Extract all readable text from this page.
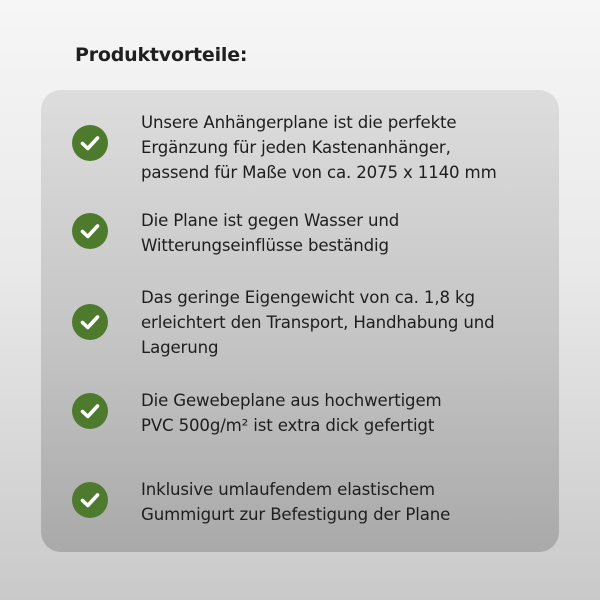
Produktvorteile:
Unsere Anhängerplane ist die perfekte
Ergänzung für jeden Kastenanhänger,
passend für Maße von ca. 2075 x 1140 mm
Die Plane ist gegen Wasser und
Witterungseinflüsse beständig
Das geringe Eigengewicht von ca. 1,8 kg
erleichtert den Transport, Handhabung und
Lagerung
Die Gewebeplane aus hochwertigem
PVC 500g/m² ist extra dick gefertigt
Inklusive umlaufendem elastischem
Gummigurt zur Befestigung der Plane
